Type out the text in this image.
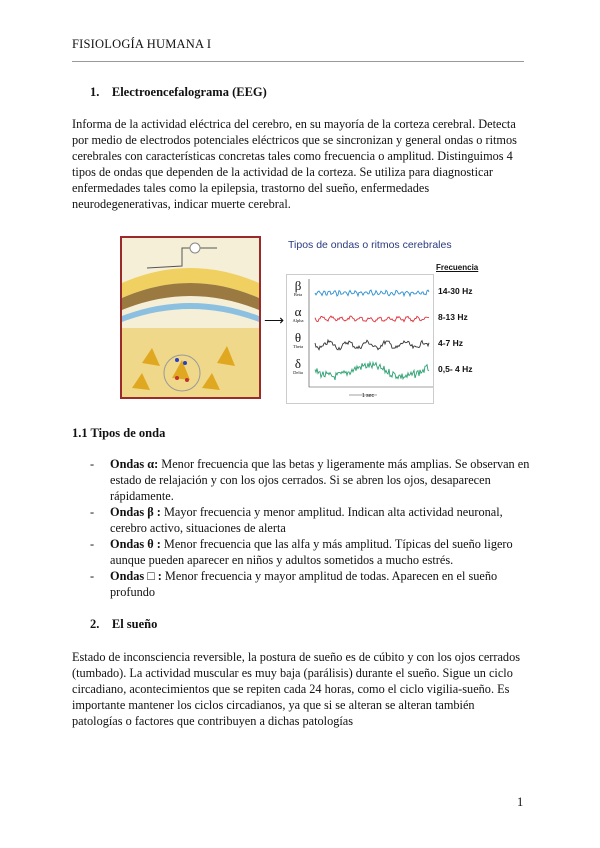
FISIOLOGÍA HUMANA I
1. Electroencefalograma (EEG)
Informa de la actividad eléctrica del cerebro, en su mayoría de la corteza cerebral. Detecta por medio de electrodos potenciales eléctricos que se sincronizan y general ondas o ritmos cerebrales con características concretas tales como frecuencia o amplitud. Distinguimos 4 tipos de ondas que dependen de la actividad de la corteza. Se utiliza para diagnosticar enfermedades tales como la epilepsia, trastorno del sueño, enfermedades neurodegenerativas, indicar muerte cerebral.
⟶
Tipos de ondas o ritmos cerebrales
Frecuencia
β
Beta
α
Alpha
θ
Theta
δ
Delta
1 sec
14-30 Hz
8-13 Hz
4-7 Hz
0,5- 4 Hz
1.1 Tipos de onda
- Ondas α: Menor frecuencia que las betas y ligeramente más amplias. Se observan en estado de relajación y con los ojos cerrados. Si se abren los ojos, desaparecen rápidamente.
- Ondas β : Mayor frecuencia y menor amplitud. Indican alta actividad neuronal, cerebro activo, situaciones de alerta
- Ondas θ : Menor frecuencia que las alfa y más amplitud. Típicas del sueño ligero aunque pueden aparecer en niños y adultos sometidos a mucho estrés.
- Ondas □ : Menor frecuencia y mayor amplitud de todas. Aparecen en el sueño profundo
2. El sueño
Estado de inconsciencia reversible, la postura de sueño es de cúbito y con los ojos cerrados (tumbado). La actividad muscular es muy baja (parálisis) durante el sueño. Sigue un ciclo circadiano, acontecimientos que se repiten cada 24 horas, como el ciclo vigilia-sueño. Es importante mantener los ciclos circadianos, ya que si se alteran se alteran también patologías o factores que contribuyen a dichas patologías
1
